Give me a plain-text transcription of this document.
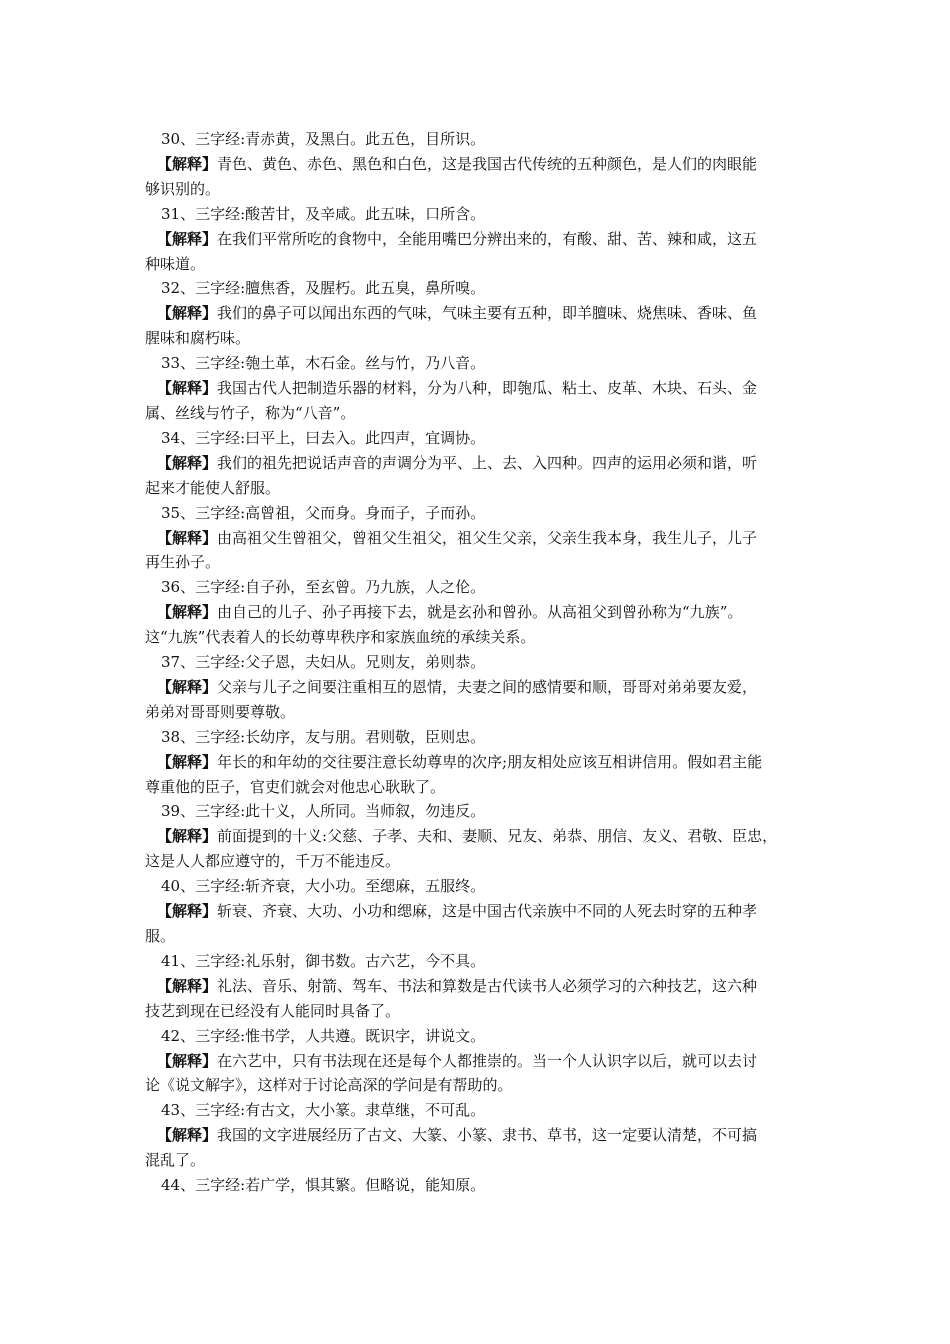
30、三字经:青赤黄，及黑白。此五色，目所识。
【解释】青色、黄色、赤色、黑色和白色，这是我国古代传统的五种颜色，是人们的肉眼能
够识别的。
31、三字经:酸苦甘，及辛咸。此五味，口所含。
【解释】在我们平常所吃的食物中，全能用嘴巴分辨出来的，有酸、甜、苦、辣和咸，这五
种味道。
32、三字经:膻焦香，及腥朽。此五臭，鼻所嗅。
【解释】我们的鼻子可以闻出东西的气味，气味主要有五种，即羊膻味、烧焦味、香味、鱼
腥味和腐朽味。
33、三字经:匏土革，木石金。丝与竹，乃八音。
【解释】我国古代人把制造乐器的材料，分为八种，即匏瓜、粘土、皮革、木块、石头、金
属、丝线与竹子，称为“八音”。
34、三字经:曰平上，曰去入。此四声，宜调协。
【解释】我们的祖先把说话声音的声调分为平、上、去、入四种。四声的运用必须和谐，听
起来才能使人舒服。
35、三字经:高曾祖，父而身。身而子，子而孙。
【解释】由高祖父生曾祖父，曾祖父生祖父，祖父生父亲，父亲生我本身，我生儿子，儿子
再生孙子。
36、三字经:自子孙，至玄曾。乃九族，人之伦。
【解释】由自己的儿子、孙子再接下去，就是玄孙和曾孙。从高祖父到曾孙称为“九族”。
这“九族”代表着人的长幼尊卑秩序和家族血统的承续关系。
37、三字经:父子恩，夫妇从。兄则友，弟则恭。
【解释】父亲与儿子之间要注重相互的恩情，夫妻之间的感情要和顺，哥哥对弟弟要友爱，
弟弟对哥哥则要尊敬。
38、三字经:长幼序，友与朋。君则敬，臣则忠。
【解释】年长的和年幼的交往要注意长幼尊卑的次序;朋友相处应该互相讲信用。假如君主能
尊重他的臣子，官吏们就会对他忠心耿耿了。
39、三字经:此十义，人所同。当师叙，勿违反。
【解释】前面提到的十义:父慈、子孝、夫和、妻顺、兄友、弟恭、朋信、友义、君敬、臣忠，
这是人人都应遵守的，千万不能违反。
40、三字经:斩齐衰，大小功。至缌麻，五服终。
【解释】斩衰、齐衰、大功、小功和缌麻，这是中国古代亲族中不同的人死去时穿的五种孝
服。
41、三字经:礼乐射，御书数。古六艺，今不具。
【解释】礼法、音乐、射箭、驾车、书法和算数是古代读书人必须学习的六种技艺，这六种
技艺到现在已经没有人能同时具备了。
42、三字经:惟书学，人共遵。既识字，讲说文。
【解释】在六艺中，只有书法现在还是每个人都推崇的。当一个人认识字以后，就可以去讨
论《说文解字》，这样对于讨论高深的学问是有帮助的。
43、三字经:有古文，大小篆。隶草继，不可乱。
【解释】我国的文字进展经历了古文、大篆、小篆、隶书、草书，这一定要认清楚，不可搞
混乱了。
44、三字经:若广学，惧其繁。但略说，能知原。
